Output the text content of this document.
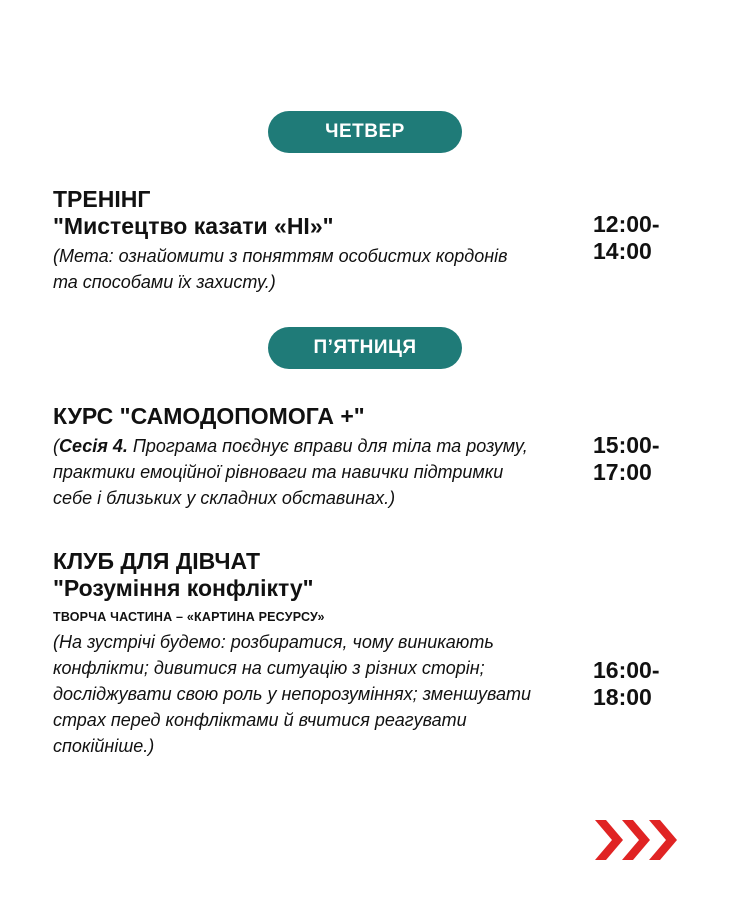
ЧЕТВЕР

ТРЕНІНГ
"Мистецтво казати «НІ»"

(Мета: ознайомити з поняттям особистих кордонів та способами їх захисту.)

12:00-
14:00
П’ЯТНИЦЯ

КУРС "САМОДОПОМОГА +"

(Сесія 4. Програма поєднує вправи для тіла та розуму, практики емоційної рівноваги та навички підтримки себе і близьких у складних обставинах.)

15:00-
17:00

КЛУБ ДЛЯ ДІВЧАТ
"Розуміння конфлікту"

ТВОРЧА ЧАСТИНА – «КАРТИНА РЕСУРСУ»

(На зустрічі будемо: розбиратися, чому виникають конфлікти; дивитися на ситуацію з різних сторін; досліджувати свою роль у непорозуміннях; зменшувати страх перед конфліктами й вчитися реагувати спокійніше.)

16:00-
18:00
